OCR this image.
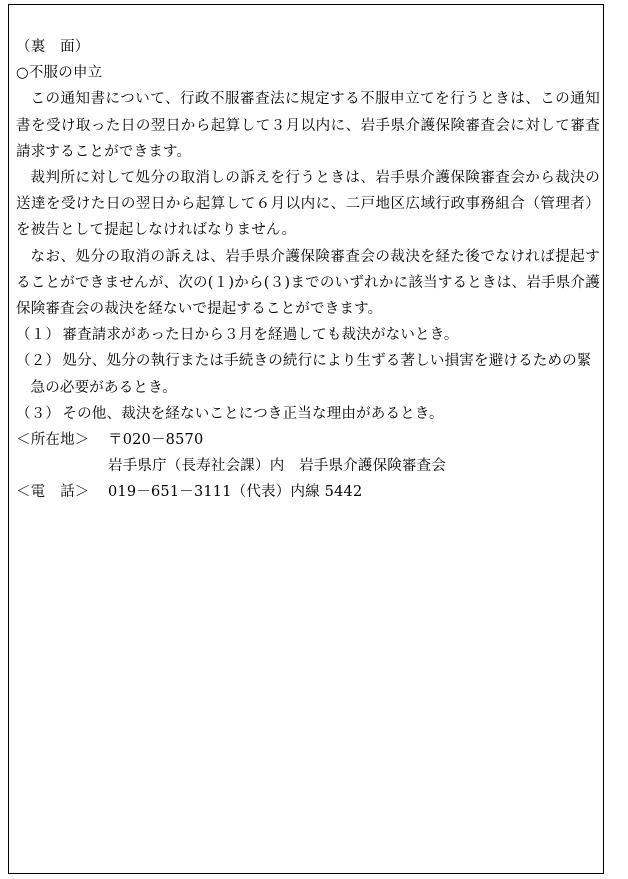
（裏　面）
○不服の申立
この通知書について、行政不服審査法に規定する不服申立てを行うときは、この通知書を受け取った日の翌日から起算して３月以内に、岩手県介護保険審査会に対して審査請求することができます。
裁判所に対して処分の取消しの訴えを行うときは、岩手県介護保険審査会から裁決の送達を受けた日の翌日から起算して６月以内に、二戸地区広域行政事務組合（管理者）を被告として提起しなければなりません。
なお、処分の取消の訴えは、岩手県介護保険審査会の裁決を経た後でなければ提起することができませんが、次の(１)から(３)までのいずれかに該当するときは、岩手県介護保険審査会の裁決を経ないで提起することができます。
（１） 審査請求があった日から３月を経過しても裁決がないとき。
（２） 処分、処分の執行または手続きの続行により生ずる著しい損害を避けるための緊急の必要があるとき。
（３） その他、裁決を経ないことにつき正当な理由があるとき。
＜所在地＞	〒020－8570
岩手県庁（長寿社会課）内　岩手県介護保険審査会
＜電　話＞	019－651－3111（代表）内線 5442
